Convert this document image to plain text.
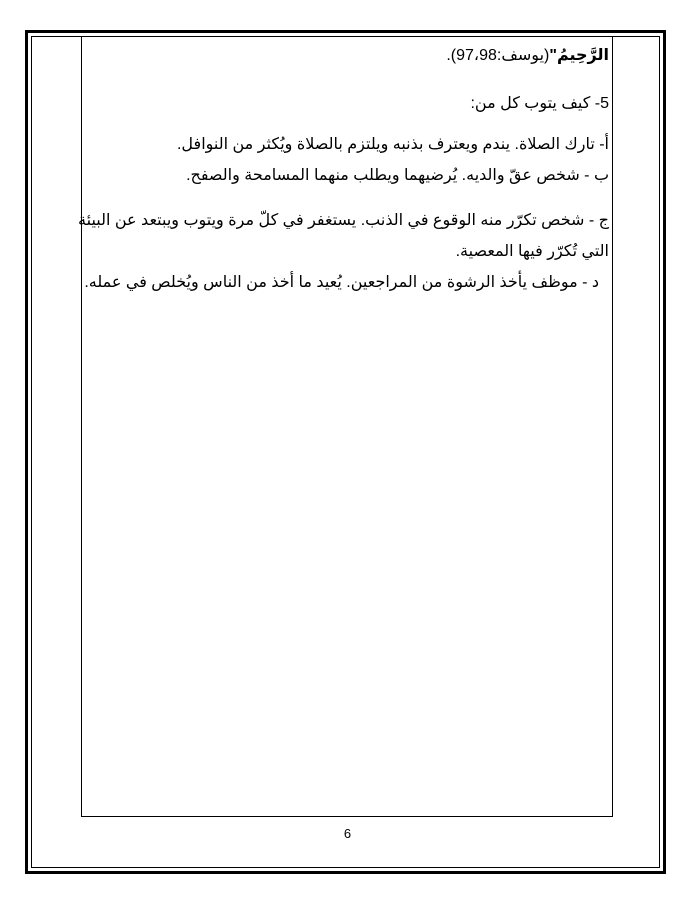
الرَّحِيمُ"(يوسف:97،98).
5- كيف يتوب كل من:
أ- تارك الصلاة. يندم ويعترف بذنبه ويلتزم بالصلاة ويُكثر من النوافل.
ب - شخص عقّ والديه. يُرضيهما ويطلب منهما المسامحة والصفح.
ج - شخص تكرّر منه الوقوع في الذنب. يستغفر في كلّ مرة ويتوب ويبتعد عن البيئة
التي تُكرّر فيها المعصية.
د - موظف يأخذ الرشوة من المراجعين. يُعيد ما أخذ من الناس ويُخلص في عمله.
6
